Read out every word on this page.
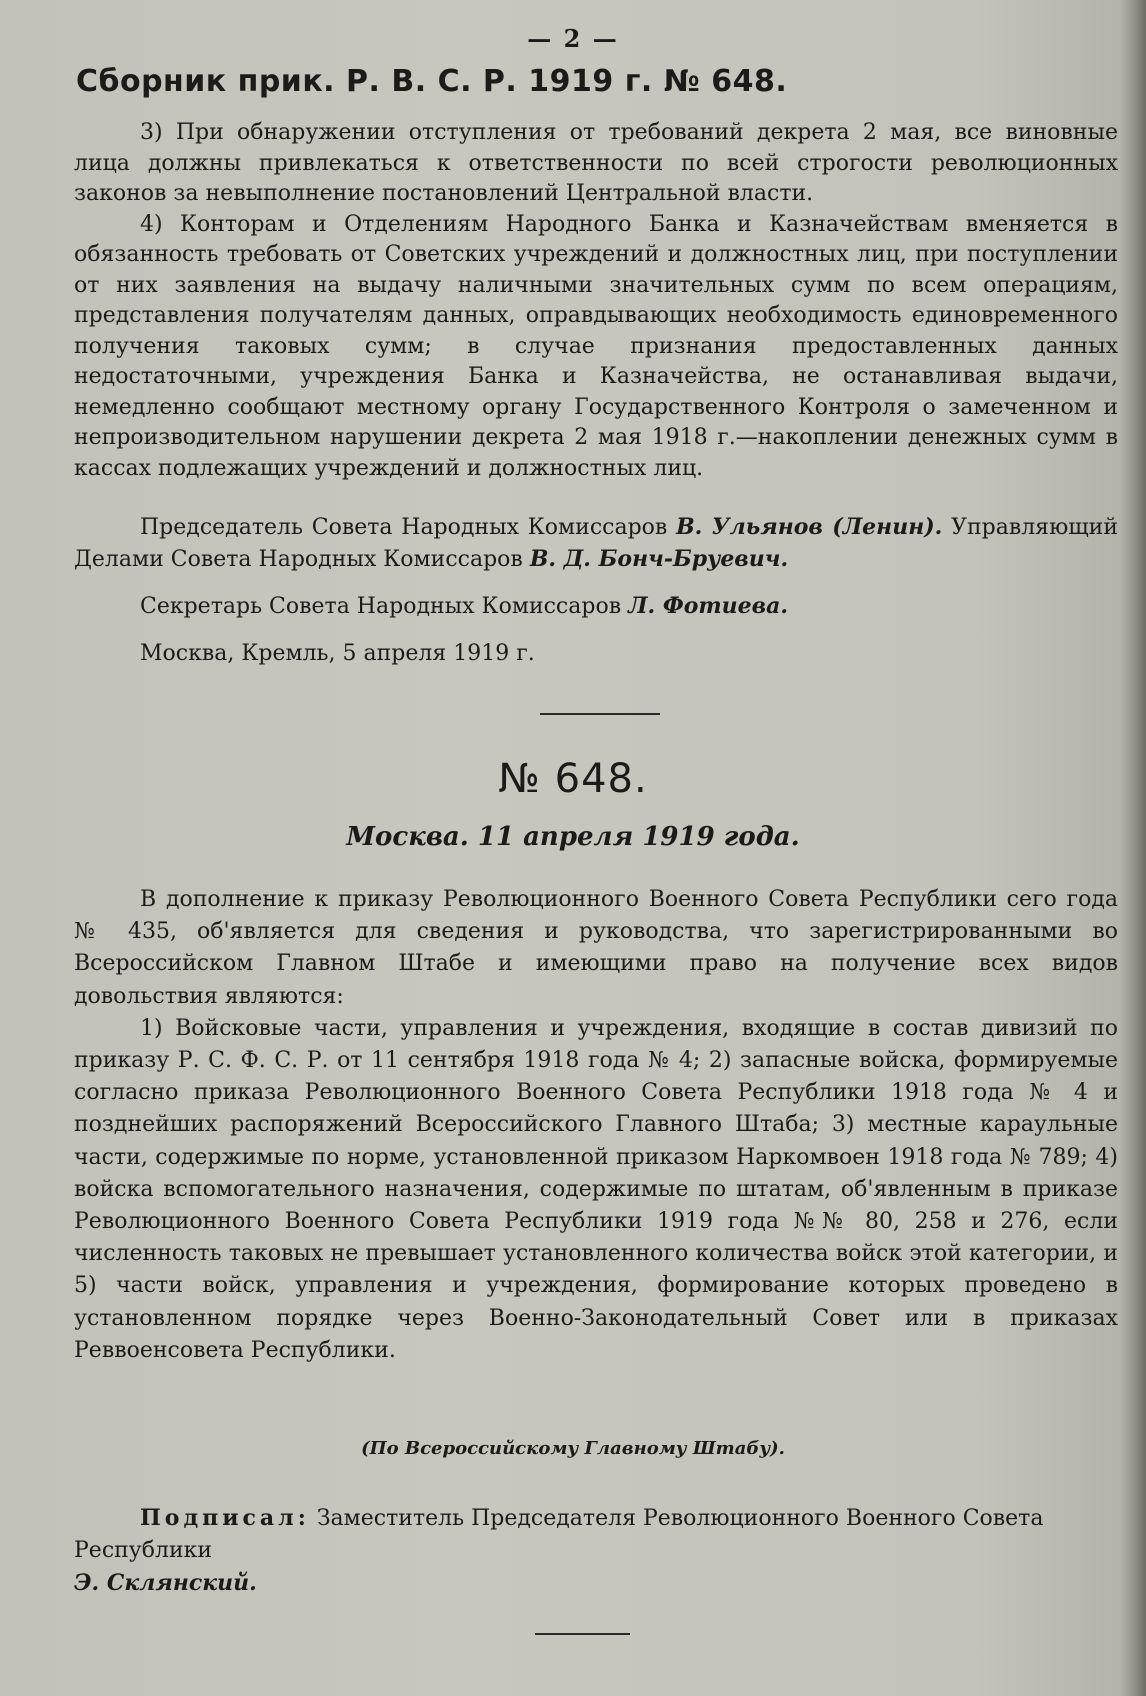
— 2 —
Сборник прик. Р. В. С. Р. 1919 г. № 648.

3) При обнаружении отступления от требований декрета 2 мая, все виновные лица должны привлекаться к ответственности по всей строгости революционных законов за невыполнение постановлений Центральной власти.

4) Конторам и Отделениям Народного Банка и Казначействам вменяется в обязанность требовать от Советских учреждений и должностных лиц, при поступлении от них заявления на выдачу наличными значительных сумм по всем операциям, представления получателям данных, оправдывающих необходимость единовременного получения таковых сумм; в случае признания предоставленных данных недостаточными, учреждения Банка и Казначейства, не останавливая выдачи, немедленно сообщают местному органу Государственного Контроля о замеченном и непроизводительном нарушении декрета 2 мая 1918 г.—накоплении денежных сумм в кассах подлежащих учреждений и должностных лиц.

Председатель Совета Народных Комиссаров В. Ульянов (Ленин). Управляющий Делами Совета Народных Комиссаров В. Д. Бонч-Бруевич.

Секретарь Совета Народных Комиссаров Л. Фотиева.

Москва, Кремль, 5 апреля 1919 г.

№ 648.
Москва. 11 апреля 1919 года.

В дополнение к приказу Революционного Военного Совета Республики сего года № 435, об'является для сведения и руководства, что зарегистрированными во Всероссийском Главном Штабе и имеющими право на получение всех видов довольствия являются:

1) Войсковые части, управления и учреждения, входящие в состав дивизий по приказу Р. С. Ф. С. Р. от 11 сентября 1918 года № 4; 2) запасные войска, формируемые согласно приказа Революционного Военного Совета Республики 1918 года № 4 и позднейших распоряжений Всероссийского Главного Штаба; 3) местные караульные части, содержимые по норме, установленной приказом Наркомвоен 1918 года № 789; 4) войска вспомогательного назначения, содержимые по штатам, об'явленным в приказе Революционного Военного Совета Республики 1919 года №№ 80, 258 и 276, если численность таковых не превышает установленного количества войск этой категории, и 5) части войск, управления и учреждения, формирование которых проведено в установленном порядке через Военно-Законодательный Совет или в приказах Реввоенсовета Республики.

(По Всероссийскому Главному Штабу).

Подписал: Заместитель Председателя Революционного Военного Совета Республики

Э. Склянский.
